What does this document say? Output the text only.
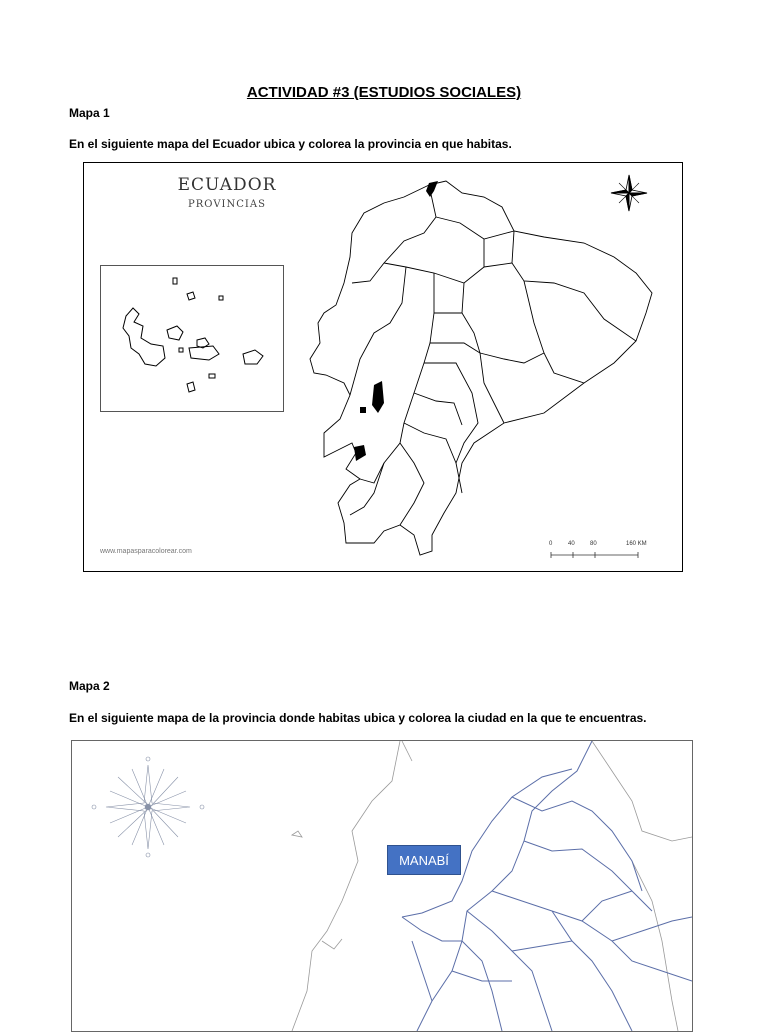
ACTIVIDAD #3 (ESTUDIOS SOCIALES)
Mapa 1
En el siguiente mapa del Ecuador ubica y colorea la provincia en que habitas.
ECUADOR
PROVINCIAS
www.mapasparacolorear.com
0	40	80	160 KM
Mapa 2
En el siguiente mapa de la provincia donde habitas ubica y colorea la ciudad en la que te encuentras.
MANABÍ
